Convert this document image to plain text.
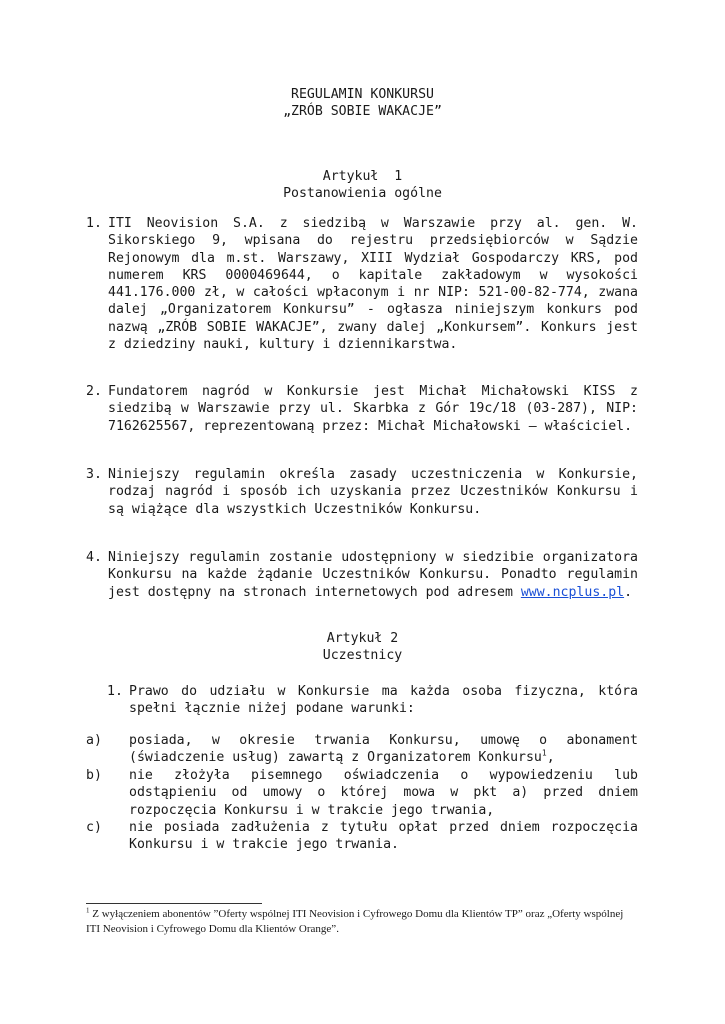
REGULAMIN KONKURSU
„ZRÓB SOBIE WAKACJE”
Artykuł  1
Postanowienia ogólne
1. ITI Neovision S.A. z siedzibą w Warszawie przy al. gen. W. Sikorskiego 9, wpisana do rejestru przedsiębiorców w Sądzie Rejonowym dla m.st. Warszawy, XIII Wydział Gospodarczy KRS, pod numerem KRS 0000469644, o kapitale zakładowym w wysokości 441.176.000 zł, w całości wpłaconym i nr NIP: 521-00-82-774, zwana dalej „Organizatorem Konkursu” - ogłasza niniejszym konkurs pod nazwą „ZRÓB SOBIE WAKACJE”, zwany dalej „Konkursem”. Konkurs jest z dziedziny nauki, kultury i dziennikarstwa.
2. Fundatorem nagród w Konkursie jest Michał Michałowski KISS z siedzibą w Warszawie przy ul. Skarbka z Gór 19c/18 (03-287), NIP: 7162625567, reprezentowaną przez: Michał Michałowski – właściciel.
3. Niniejszy regulamin określa zasady uczestniczenia w Konkursie, rodzaj nagród i sposób ich uzyskania przez Uczestników Konkursu i są wiążące dla wszystkich Uczestników Konkursu.
4. Niniejszy regulamin zostanie udostępniony w siedzibie organizatora Konkursu na każde żądanie Uczestników Konkursu. Ponadto regulamin jest dostępny na stronach internetowych pod adresem www.ncplus.pl.
Artykuł 2
Uczestnicy
1. Prawo do udziału w Konkursie ma każda osoba fizyczna, która spełni łącznie niżej podane warunki:
a) posiada, w okresie trwania Konkursu, umowę o abonament (świadczenie usług) zawartą z Organizatorem Konkursu$^1$,
b) nie złożyła pisemnego oświadczenia o wypowiedzeniu lub odstąpieniu od umowy o której mowa w pkt a) przed dniem rozpoczęcia Konkursu i w trakcie jego trwania,
c) nie posiada zadłużenia z tytułu opłat przed dniem rozpoczęcia Konkursu i w trakcie jego trwania.
$^1$ Z wyłączeniem abonentów ”Oferty wspólnej ITI Neovision i Cyfrowego Domu dla Klientów TP” oraz „Oferty wspólnej ITI Neovision i Cyfrowego Domu dla Klientów Orange”.
